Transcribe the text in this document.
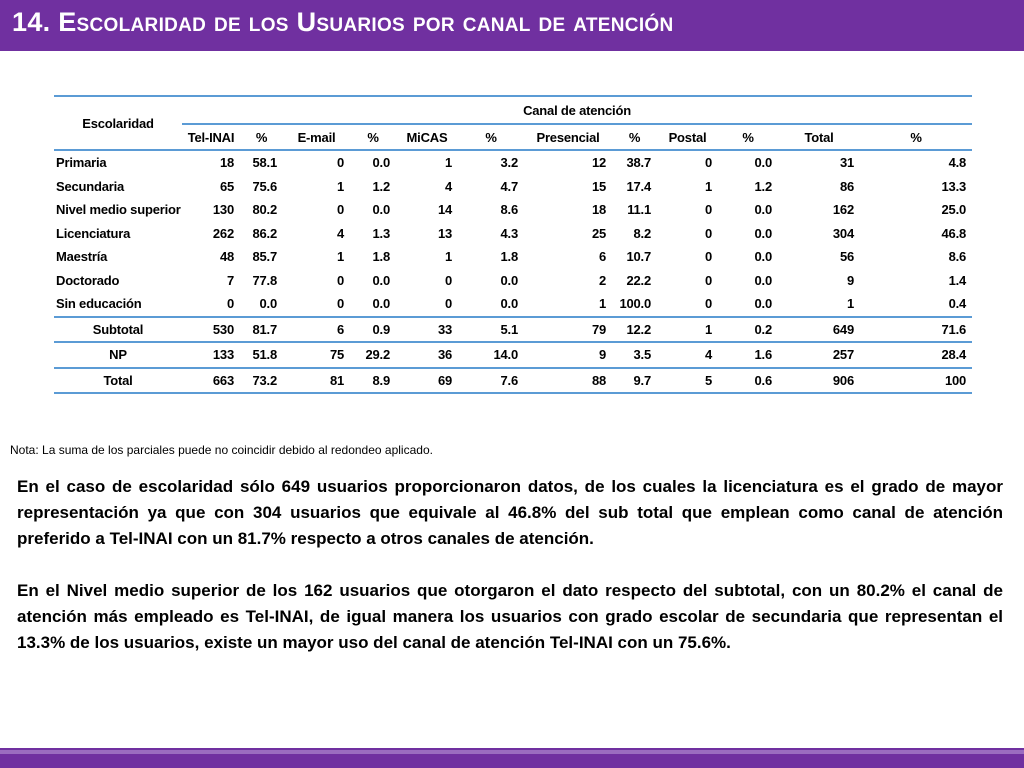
14. Escolaridad de los Usuarios por canal de atención
Escolaridad	Canal de atención											
	Tel-INAI	%	E-mail	%	MiCAS	%	Presencial	%	Postal	%	Total	%
Primaria	18	58.1	0	0.0	1	3.2	12	38.7	0	0.0	31	4.8
Secundaria	65	75.6	1	1.2	4	4.7	15	17.4	1	1.2	86	13.3
Nivel medio superior	130	80.2	0	0.0	14	8.6	18	11.1	0	0.0	162	25.0
Licenciatura	262	86.2	4	1.3	13	4.3	25	8.2	0	0.0	304	46.8
Maestría	48	85.7	1	1.8	1	1.8	6	10.7	0	0.0	56	8.6
Doctorado	7	77.8	0	0.0	0	0.0	2	22.2	0	0.0	9	1.4
Sin educación	0	0.0	0	0.0	0	0.0	1	100.0	0	0.0	1	0.4
Subtotal	530	81.7	6	0.9	33	5.1	79	12.2	1	0.2	649	71.6
NP	133	51.8	75	29.2	36	14.0	9	3.5	4	1.6	257	28.4
Total	663	73.2	81	8.9	69	7.6	88	9.7	5	0.6	906	100
Nota: La suma de los parciales puede no coincidir debido al redondeo aplicado.
En el caso de escolaridad sólo 649 usuarios proporcionaron datos, de los cuales la licenciatura es el grado de mayor representación ya que con 304 usuarios que equivale al 46.8% del sub total que emplean como canal de atención preferido a Tel-INAI con un 81.7% respecto a otros canales de atención.
En el Nivel medio superior de los 162 usuarios que otorgaron el dato respecto del subtotal, con un 80.2% el canal de atención más empleado es Tel-INAI, de igual manera los usuarios con grado escolar de secundaria que representan el 13.3% de los usuarios, existe un mayor uso del canal de atención Tel-INAI con un 75.6%.
